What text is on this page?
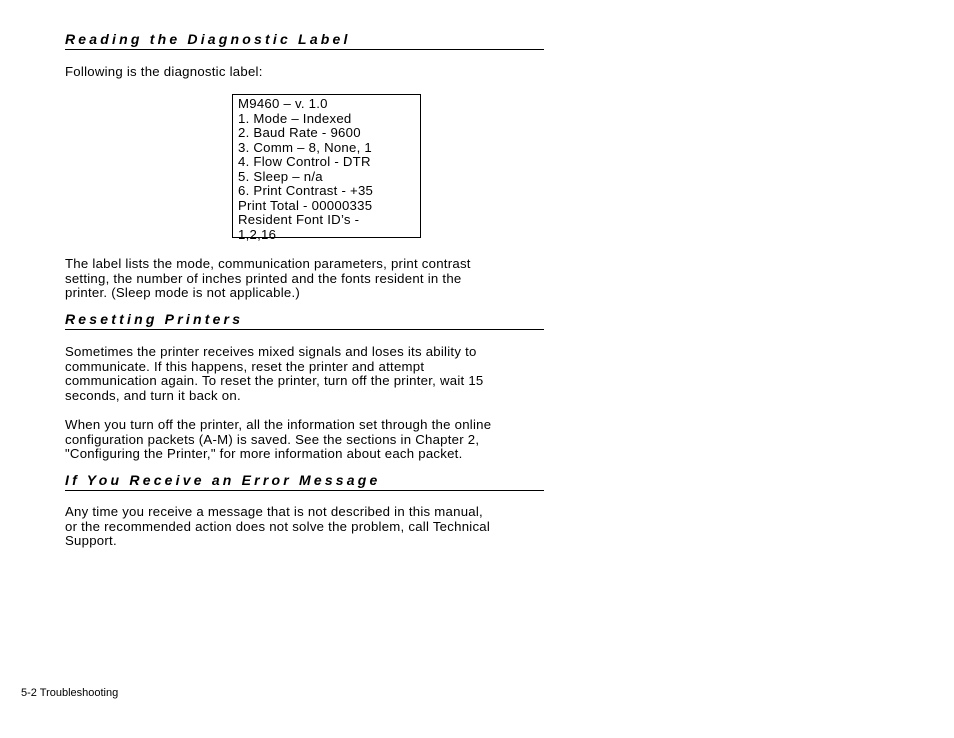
Reading the Diagnostic Label
Following is the diagnostic label:
M9460 – v. 1.0
1. Mode – Indexed
2. Baud Rate - 9600
3. Comm – 8, None, 1
4. Flow Control - DTR
5. Sleep – n/a
6. Print Contrast - +35
Print Total - 00000335
Resident Font ID’s -
1,2,16
The label lists the mode, communication parameters, print contrast
setting, the number of inches printed and the fonts resident in the
printer. (Sleep mode is not applicable.)
Resetting Printers
Sometimes the printer receives mixed signals and loses its ability to
communicate. If this happens, reset the printer and attempt
communication again. To reset the printer, turn off the printer, wait 15
seconds, and turn it back on.
When you turn off the printer, all the information set through the online
configuration packets (A-M) is saved. See the sections in Chapter 2,
"Configuring the Printer," for more information about each packet.
If You Receive an Error Message
Any time you receive a message that is not described in this manual,
or the recommended action does not solve the problem, call Technical
Support.
5-2 Troubleshooting
